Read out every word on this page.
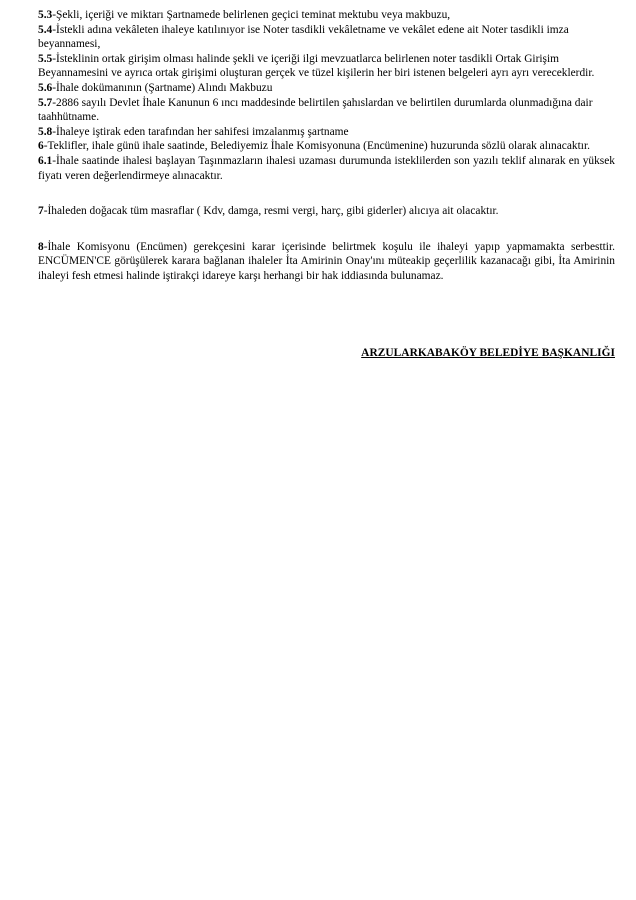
5.3-Şekli, içeriği ve miktarı Şartnamede belirlenen geçici teminat mektubu veya makbuzu,

5.4-İstekli adına vekâleten ihaleye katılınıyor ise Noter tasdikli vekâletname ve vekâlet edene ait Noter tasdikli imza beyannamesi,

5.5-İsteklinin ortak girişim olması halinde şekli ve içeriği ilgi mevzuatlarca belirlenen noter tasdikli Ortak Girişim Beyannamesini ve ayrıca ortak girişimi oluşturan gerçek ve tüzel kişilerin her biri istenen belgeleri ayrı ayrı vereceklerdir.

5.6-İhale dokümanının (Şartname) Alındı Makbuzu

5.7-2886 sayılı Devlet İhale Kanunun 6 ıncı maddesinde belirtilen şahıslardan ve belirtilen durumlarda olunmadığına dair taahhütname.

5.8-İhaleye iştirak eden tarafından her sahifesi imzalanmış şartname

6-Teklifler, ihale günü ihale saatinde, Belediyemiz İhale Komisyonuna (Encümenine) huzurunda sözlü olarak alınacaktır.

6.1-İhale saatinde ihalesi başlayan Taşınmazların ihalesi uzaması durumunda isteklilerden son yazılı teklif alınarak en yüksek fiyatı veren değerlendirmeye alınacaktır.

7-İhaleden doğacak tüm masraflar ( Kdv, damga, resmi vergi, harç, gibi giderler) alıcıya ait olacaktır.

8-İhale Komisyonu (Encümen) gerekçesini karar içerisinde belirtmek koşulu ile ihaleyi yapıp yapmamakta serbesttir. ENCÜMEN'CE görüşülerek karara bağlanan ihaleler İta Amirinin Onay'ını müteakip geçerlilik kazanacağı gibi, İta Amirinin ihaleyi fesh etmesi halinde iştirakçi idareye karşı herhangi bir hak iddiasında bulunamaz.

ARZULARKABAKÖY BELEDİYE BAŞKANLIĞI
